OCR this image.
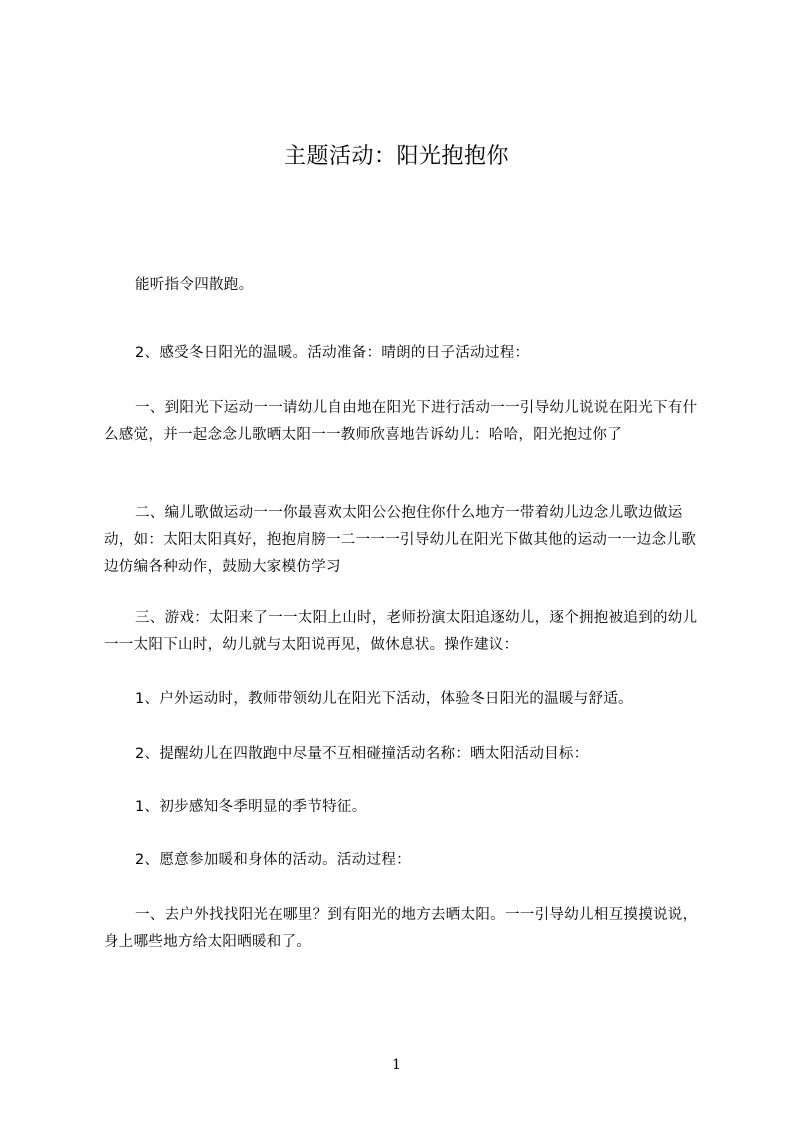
主题活动：阳光抱抱你

能听指令四散跑。

2、感受冬日阳光的温暖。活动准备：晴朗的日子活动过程：

一、到阳光下运动一一请幼儿自由地在阳光下进行活动一一引导幼儿说说在阳光下有什么感觉，并一起念念儿歌晒太阳一一教师欣喜地告诉幼儿：哈哈，阳光抱过你了

二、编儿歌做运动一一你最喜欢太阳公公抱住你什么地方一带着幼儿边念儿歌边做运动，如：太阳太阳真好，抱抱肩膀一二一一一引导幼儿在阳光下做其他的运动一一边念儿歌边仿编各种动作，鼓励大家模仿学习

三、游戏：太阳来了一一太阳上山时，老师扮演太阳追逐幼儿，逐个拥抱被追到的幼儿一一太阳下山时，幼儿就与太阳说再见，做休息状。操作建议：

1、户外运动时，教师带领幼儿在阳光下活动，体验冬日阳光的温暖与舒适。

2、提醒幼儿在四散跑中尽量不互相碰撞活动名称：晒太阳活动目标：

1、初步感知冬季明显的季节特征。

2、愿意参加暖和身体的活动。活动过程：

一、去户外找找阳光在哪里？到有阳光的地方去晒太阳。一一引导幼儿相互摸摸说说，身上哪些地方给太阳晒暖和了。

1
